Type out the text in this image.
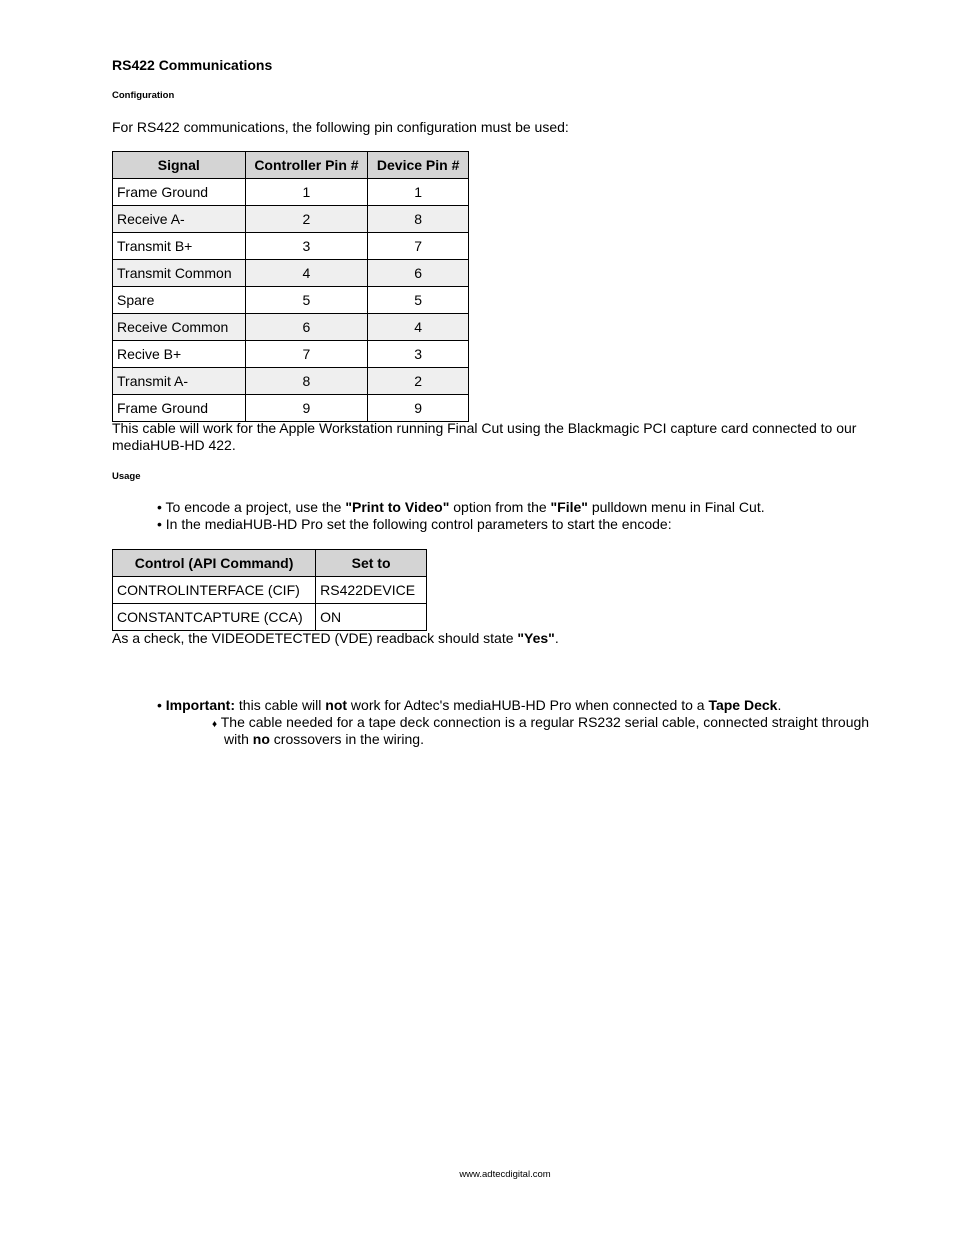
RS422 Communications
Configuration
For RS422 communications, the following pin configuration must be used:
Signal	Controller Pin #	Device Pin #
Frame Ground	1	1
Receive A-	2	8
Transmit B+	3	7
Transmit Common	4	6
Spare	5	5
Receive Common	6	4
Recive B+	7	3
Transmit A-	8	2
Frame Ground	9	9
This cable will work for the Apple Workstation running Final Cut using the Blackmagic PCI capture card connected to our
mediaHUB-HD 422.
Usage
• To encode a project, use the "Print to Video" option from the "File" pulldown menu in Final Cut.
• In the mediaHUB-HD Pro set the following control parameters to start the encode:
Control (API Command)	Set to
CONTROLINTERFACE (CIF)	RS422DEVICE
CONSTANTCAPTURE (CCA)	ON
As a check, the VIDEODETECTED (VDE) readback should state "Yes".
• Important: this cable will not work for Adtec's mediaHUB-HD Pro when connected to a Tape Deck.
♦ The cable needed for a tape deck connection is a regular RS232 serial cable, connected straight through
with no crossovers in the wiring.
www.adtecdigital.com
